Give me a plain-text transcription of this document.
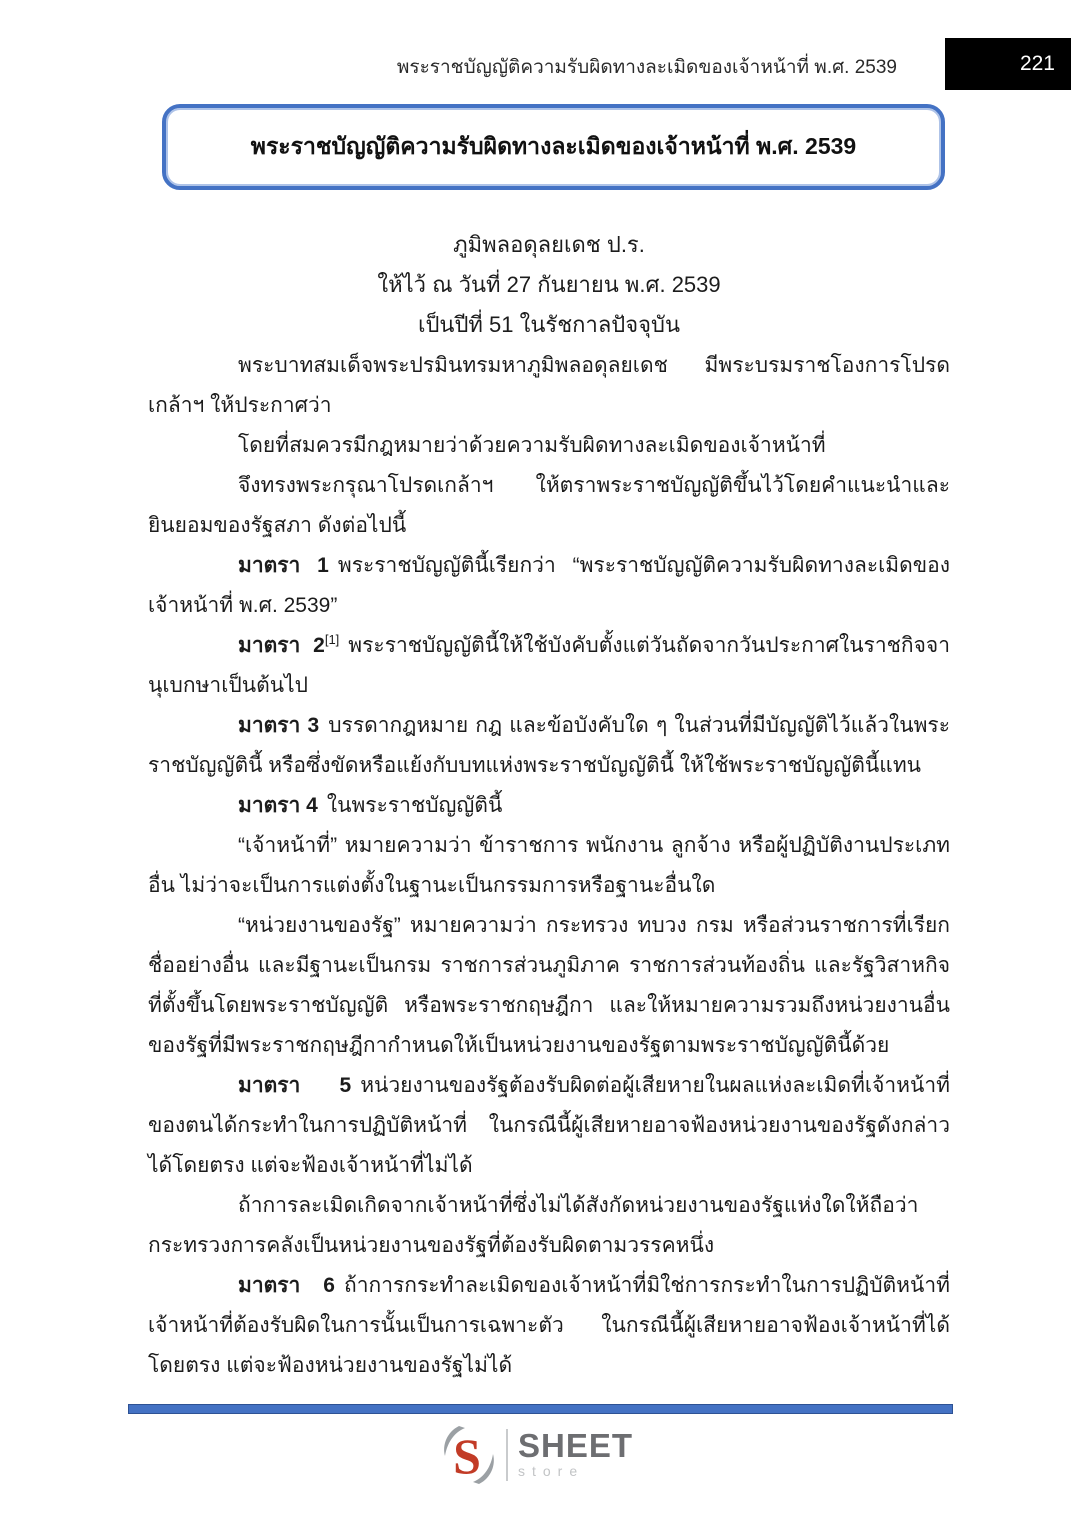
พระราชบัญญัติความรับผิดทางละเมิดของเจ้าหน้าที่ พ.ศ. 2539	221
พระราชบัญญัติความรับผิดทางละเมิดของเจ้าหน้าที่ พ.ศ. 2539
ภูมิพลอดุลยเดช ป.ร.
ให้ไว้ ณ วันที่ 27 กันยายน พ.ศ. 2539
เป็นปีที่ 51 ในรัชกาลปัจจุบัน

พระบาทสมเด็จพระปรมินทรมหาภูมิพลอดุลยเดช มีพระบรมราชโองการโปรดเกล้าฯ ให้ประกาศว่า

โดยที่สมควรมีกฎหมายว่าด้วยความรับผิดทางละเมิดของเจ้าหน้าที่

จึงทรงพระกรุณาโปรดเกล้าฯ ให้ตราพระราชบัญญัติขึ้นไว้โดยคำแนะนำและยินยอมของรัฐสภา ดังต่อไปนี้

มาตรา 1 พระราชบัญญัตินี้เรียกว่า “พระราชบัญญัติความรับผิดทางละเมิดของเจ้าหน้าที่ พ.ศ. 2539”

มาตรา 2[1] พระราชบัญญัตินี้ให้ใช้บังคับตั้งแต่วันถัดจากวันประกาศในราชกิจจานุเบกษาเป็นต้นไป

มาตรา 3 บรรดากฎหมาย กฎ และข้อบังคับใด ๆ ในส่วนที่มีบัญญัติไว้แล้วในพระราชบัญญัตินี้ หรือซึ่งขัดหรือแย้งกับบทแห่งพระราชบัญญัตินี้ ให้ใช้พระราชบัญญัตินี้แทน

มาตรา 4 ในพระราชบัญญัตินี้

“เจ้าหน้าที่” หมายความว่า ข้าราชการ พนักงาน ลูกจ้าง หรือผู้ปฏิบัติงานประเภทอื่น ไม่ว่าจะเป็นการแต่งตั้งในฐานะเป็นกรรมการหรือฐานะอื่นใด

“หน่วยงานของรัฐ” หมายความว่า กระทรวง ทบวง กรม หรือส่วนราชการที่เรียกชื่ออย่างอื่น และมีฐานะเป็นกรม ราชการส่วนภูมิภาค ราชการส่วนท้องถิ่น และรัฐวิสาหกิจที่ตั้งขึ้นโดยพระราชบัญญัติ หรือพระราชกฤษฎีกา และให้หมายความรวมถึงหน่วยงานอื่นของรัฐที่มีพระราชกฤษฎีกากำหนดให้เป็นหน่วยงานของรัฐตามพระราชบัญญัตินี้ด้วย

มาตรา 5 หน่วยงานของรัฐต้องรับผิดต่อผู้เสียหายในผลแห่งละเมิดที่เจ้าหน้าที่ของตนได้กระทำในการปฏิบัติหน้าที่ ในกรณีนี้ผู้เสียหายอาจฟ้องหน่วยงานของรัฐดังกล่าวได้โดยตรง แต่จะฟ้องเจ้าหน้าที่ไม่ได้

ถ้าการละเมิดเกิดจากเจ้าหน้าที่ซึ่งไม่ได้สังกัดหน่วยงานของรัฐแห่งใดให้ถือว่ากระทรวงการคลังเป็นหน่วยงานของรัฐที่ต้องรับผิดตามวรรคหนึ่ง

มาตรา 6 ถ้าการกระทำละเมิดของเจ้าหน้าที่มิใช่การกระทำในการปฏิบัติหน้าที่ เจ้าหน้าที่ต้องรับผิดในการนั้นเป็นการเฉพาะตัว ในกรณีนี้ผู้เสียหายอาจฟ้องเจ้าหน้าที่ได้โดยตรง แต่จะฟ้องหน่วยงานของรัฐไม่ได้

S SHEET
store
